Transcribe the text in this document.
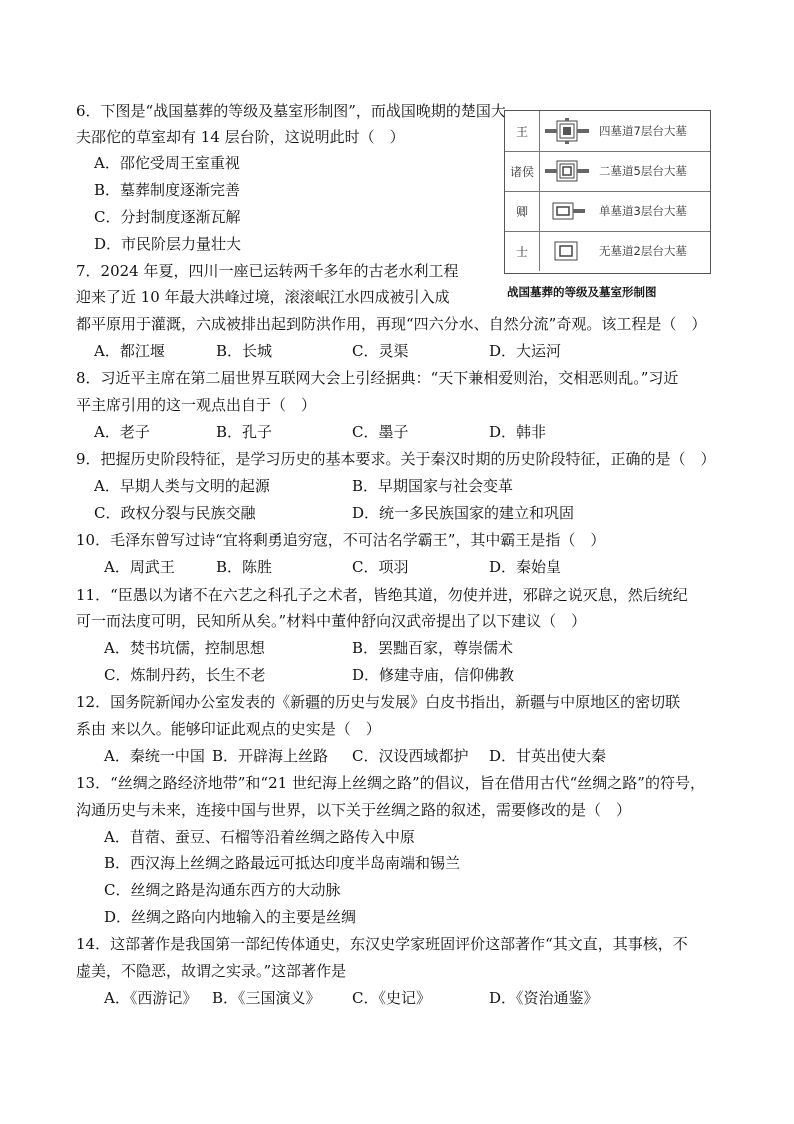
6．下图是“战国墓葬的等级及墓室形制图”，而战国晚期的楚国大
夫邵佗的草室却有 14 层台阶，这说明此时（　）
A．邵佗受周王室重视
B．墓葬制度逐渐完善
C．分封制度逐渐瓦解
D．市民阶层力量壮大
王	四墓道7层台大墓
诸侯	二墓道5层台大墓
卿	单墓道3层台大墓
士	无墓道2层台大墓
战国墓葬的等级及墓室形制图
7．2024 年夏，四川一座已运转两千多年的古老水利工程
迎来了近 10 年最大洪峰过境，滚滚岷江水四成被引入成
都平原用于灌溉，六成被排出起到防洪作用，再现“四六分水、自然分流”奇观。该工程是（　）
A．都江堰	B．长城	C．灵渠	D．大运河
8．习近平主席在第二届世界互联网大会上引经据典：“天下兼相爱则治，交相恶则乱。”习近
平主席引用的这一观点出自于（　）
A．老子	B．孔子	C．墨子	D．韩非
9．把握历史阶段特征，是学习历史的基本要求。关于秦汉时期的历史阶段特征，正确的是（　）
A．早期人类与文明的起源	B．早期国家与社会变革
C．政权分裂与民族交融	D．统一多民族国家的建立和巩固
10．毛泽东曾写过诗“宜将剩勇追穷寇，不可沽名学霸王”，其中霸王是指（　）
A．周武王	B．陈胜	C．项羽	D．秦始皇
11．“臣愚以为诸不在六艺之科孔子之术者，皆绝其道，勿使并进，邪辟之说灭息，然后统纪
可一而法度可明，民知所从矣。”材料中董仲舒向汉武帝提出了以下建议（　）
A．焚书坑儒，控制思想	B．罢黜百家，尊崇儒术
C．炼制丹药，长生不老	D．修建寺庙，信仰佛教
12．国务院新闻办公室发表的《新疆的历史与发展》白皮书指出，新疆与中原地区的密切联
系由 来以久。能够印证此观点的史实是（　）
A．秦统一中国 B．开辟海上丝路 C．汉设西域都护 D．甘英出使大秦
13．“丝绸之路经济地带”和“21 世纪海上丝绸之路”的倡议，旨在借用古代“丝绸之路”的符号，
沟通历史与未来，连接中国与世界，以下关于丝绸之路的叙述，需要修改的是（　）
A．苜蓿、蚕豆、石榴等沿着丝绸之路传入中原
B．西汉海上丝绸之路最远可抵达印度半岛南端和锡兰
C．丝绸之路是沟通东西方的大动脉
D．丝绸之路向内地输入的主要是丝绸
14．这部著作是我国第一部纪传体通史，东汉史学家班固评价这部著作“其文直，其事核，不
虚美，不隐恶，故谓之实录。”这部著作是
A．《西游记》 B．《三国演义》 C．《史记》	D．《资治通鉴》
